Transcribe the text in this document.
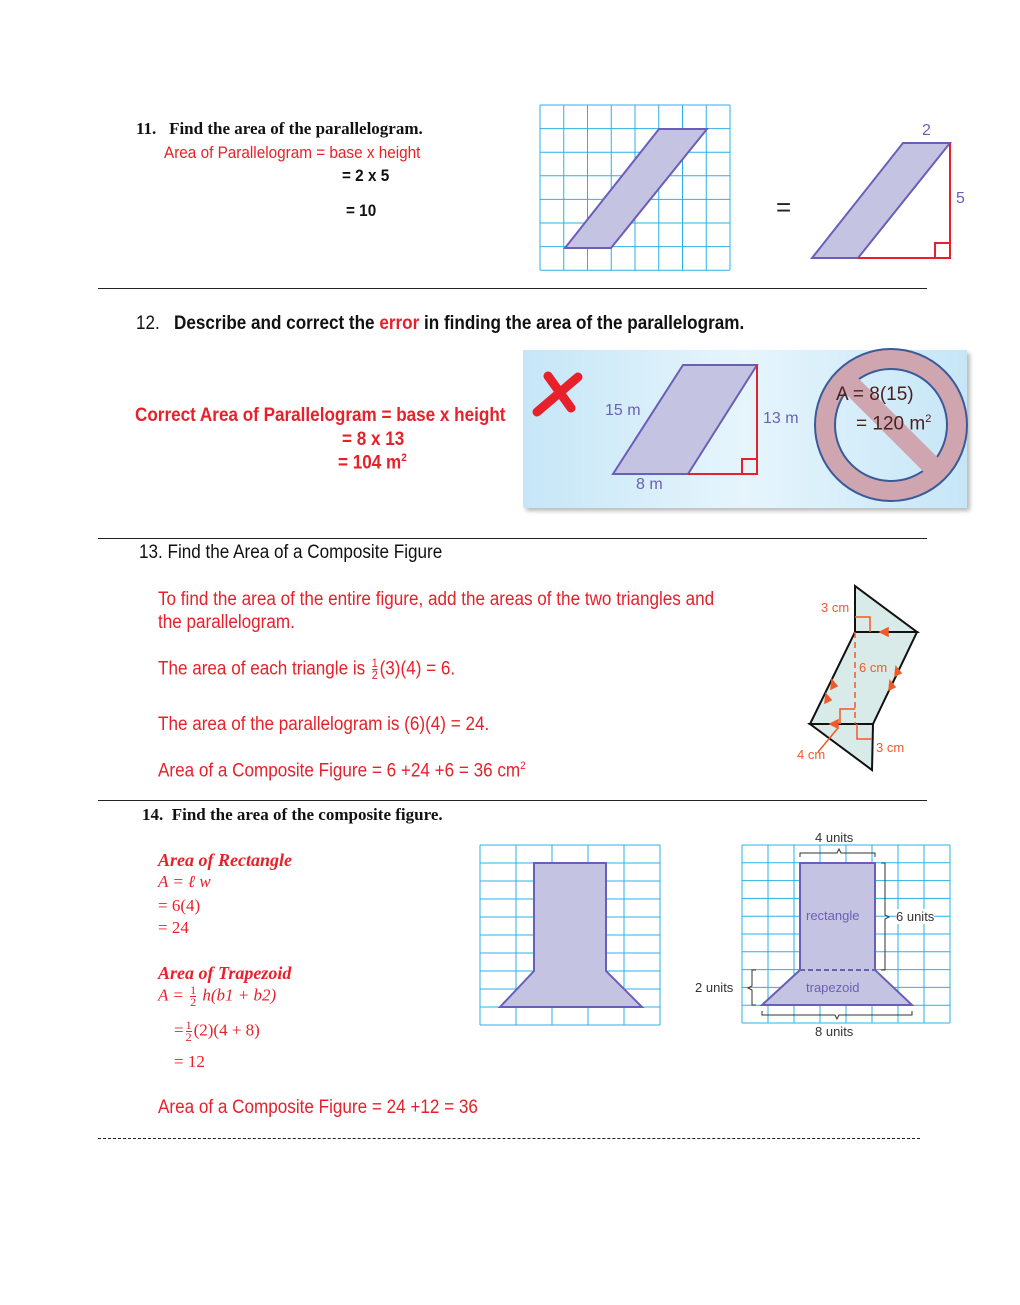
11. Find the area of the parallelogram.
Area of Parallelogram = base x height
= 2 x 5
= 10	=
2
5
12. Describe and correct the error in finding the area of the parallelogram.
Correct Area of Parallelogram = base x height
= 8 x 13
= 104 $m^2$
15 m	13 m
8 m
A = 8(15)
= 120 $m^2$
13. Find the Area of a Composite Figure
To find the area of the entire figure, add the areas of the two triangles and
the parallelogram.
The area of each triangle is $\frac{1}{2} (3)(4) = 6$.
The area of the parallelogram is (6)(4) = 24.
Area of a Composite Figure = 6 +24 +6 = 36 $cm^2$
3 cm
6 cm
4 cm	3 cm
14. Find the area of the composite figure.
Area of Rectangle
A = ℓ w
= 6(4)
= 24
Area of Trapezoid
$A = \frac{1}{2} h(b1 + b2)$
= $\frac{1}{2} (2)(4 + 8)$
= 12
Area of a Composite Figure = 24 +12 = 36
4 units
rectangle	6 units
2 units	trapezoid
8 units
